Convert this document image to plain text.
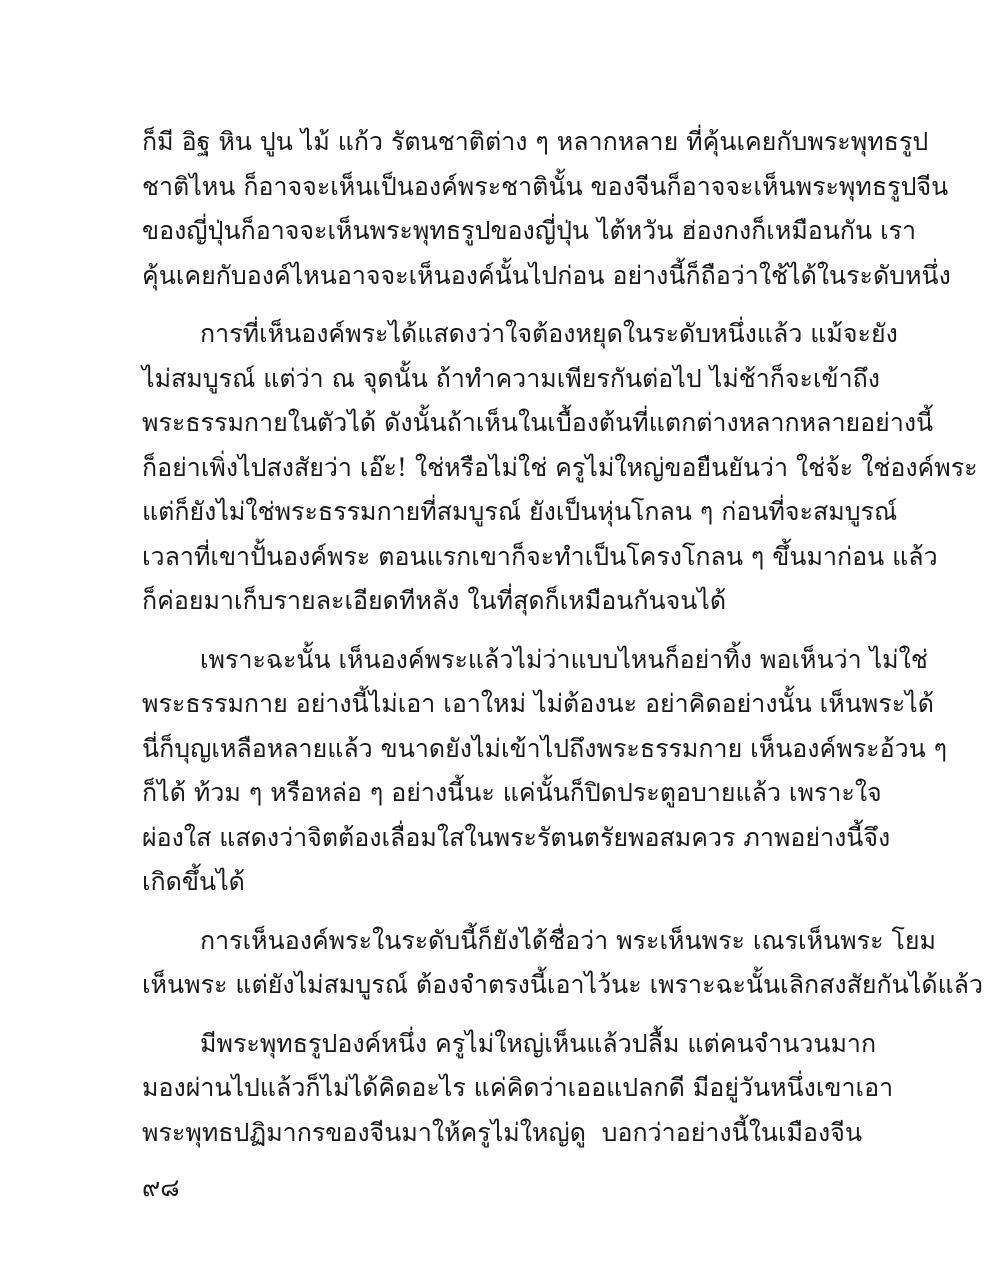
ก็มี อิฐ หิน ปูน ไม้ แก้ว รัตนชาติต่าง ๆ หลากหลาย ที่คุ้นเคยกับพระพุทธรูป
ชาติไหน ก็อาจจะเห็นเป็นองค์พระชาตินั้น ของจีนก็อาจจะเห็นพระพุทธรูปจีน
ของญี่ปุ่นก็อาจจะเห็นพระพุทธรูปของญี่ปุ่น ไต้หวัน ฮ่องกงก็เหมือนกัน เรา
คุ้นเคยกับองค์ไหนอาจจะเห็นองค์นั้นไปก่อน อย่างนี้ก็ถือว่าใช้ได้ในระดับหนึ่ง
การที่เห็นองค์พระได้แสดงว่าใจต้องหยุดในระดับหนึ่งแล้ว แม้จะยัง
ไม่สมบูรณ์ แต่ว่า ณ จุดนั้น ถ้าทำความเพียรกันต่อไป ไม่ช้าก็จะเข้าถึง
พระธรรมกายในตัวได้ ดังนั้นถ้าเห็นในเบื้องต้นที่แตกต่างหลากหลายอย่างนี้
ก็อย่าเพิ่งไปสงสัยว่า เอ๊ะ! ใช่หรือไม่ใช่ ครูไม่ใหญ่ขอยืนยันว่า ใช่จ้ะ ใช่องค์พระ
แต่ก็ยังไม่ใช่พระธรรมกายที่สมบูรณ์ ยังเป็นหุ่นโกลน ๆ ก่อนที่จะสมบูรณ์
เวลาที่เขาปั้นองค์พระ ตอนแรกเขาก็จะทำเป็นโครงโกลน ๆ ขึ้นมาก่อน แล้ว
ก็ค่อยมาเก็บรายละเอียดทีหลัง ในที่สุดก็เหมือนกันจนได้
เพราะฉะนั้น เห็นองค์พระแล้วไม่ว่าแบบไหนก็อย่าทิ้ง พอเห็นว่า ไม่ใช่
พระธรรมกาย อย่างนี้ไม่เอา เอาใหม่ ไม่ต้องนะ อย่าคิดอย่างนั้น เห็นพระได้
นี่ก็บุญเหลือหลายแล้ว ขนาดยังไม่เข้าไปถึงพระธรรมกาย เห็นองค์พระอ้วน ๆ
ก็ได้ ท้วม ๆ หรือหล่อ ๆ อย่างนี้นะ แค่นั้นก็ปิดประตูอบายแล้ว เพราะใจ
ผ่องใส แสดงว่าจิตต้องเลื่อมใสในพระรัตนตรัยพอสมควร ภาพอย่างนี้จึง
เกิดขึ้นได้
การเห็นองค์พระในระดับนี้ก็ยังได้ชื่อว่า พระเห็นพระ เณรเห็นพระ โยม
เห็นพระ แต่ยังไม่สมบูรณ์ ต้องจำตรงนี้เอาไว้นะ เพราะฉะนั้นเลิกสงสัยกันได้แล้ว
มีพระพุทธรูปองค์หนึ่ง ครูไม่ใหญ่เห็นแล้วปลื้ม แต่คนจำนวนมาก
มองผ่านไปแล้วก็ไม่ได้คิดอะไร แค่คิดว่าเออแปลกดี มีอยู่วันหนึ่งเขาเอา
พระพุทธปฏิมากรของจีนมาให้ครูไม่ใหญ่ดู บอกว่าอย่างนี้ในเมืองจีน
๙๘
